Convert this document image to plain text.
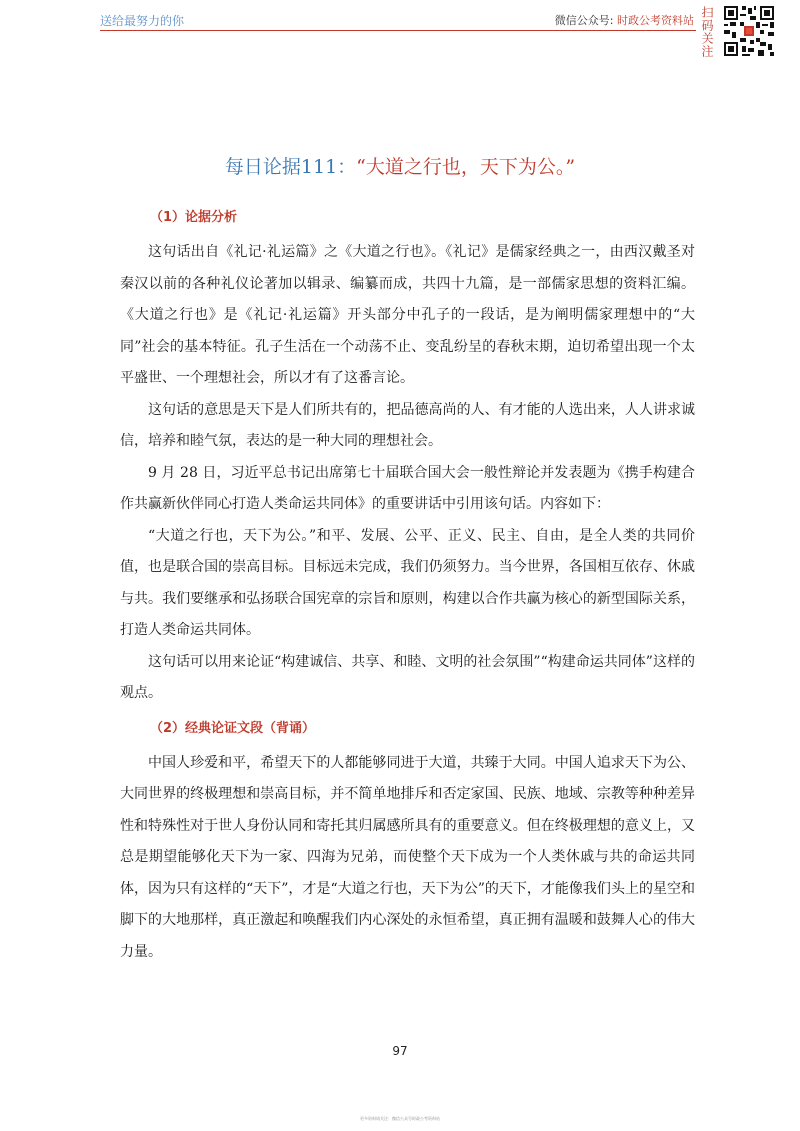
送给最努力的你	微信公众号: 时政公考资料站 扫码关注
每日论据111：“大道之行也，天下为公。”
（1）论据分析

这句话出自《礼记·礼运篇》之《大道之行也》。《礼记》是儒家经典之一，由西汉戴圣对秦汉以前的各种礼仪论著加以辑录、编纂而成，共四十九篇，是一部儒家思想的资料汇编。《大道之行也》是《礼记·礼运篇》开头部分中孔子的一段话，是为阐明儒家理想中的“大同”社会的基本特征。孔子生活在一个动荡不止、变乱纷呈的春秋末期，迫切希望出现一个太平盛世、一个理想社会，所以才有了这番言论。

这句话的意思是天下是人们所共有的，把品德高尚的人、有才能的人选出来，人人讲求诚信，培养和睦气氛，表达的是一种大同的理想社会。

9 月 28 日，习近平总书记出席第七十届联合国大会一般性辩论并发表题为《携手构建合作共赢新伙伴同心打造人类命运共同体》的重要讲话中引用该句话。内容如下：

“大道之行也，天下为公。”和平、发展、公平、正义、民主、自由，是全人类的共同价值，也是联合国的崇高目标。目标远未完成，我们仍须努力。当今世界，各国相互依存、休戚与共。我们要继承和弘扬联合国宪章的宗旨和原则，构建以合作共赢为核心的新型国际关系，打造人类命运共同体。

这句话可以用来论证“构建诚信、共享、和睦、文明的社会氛围”“构建命运共同体”这样的观点。

（2）经典论证文段（背诵）

中国人珍爱和平，希望天下的人都能够同进于大道，共臻于大同。中国人追求天下为公、大同世界的终极理想和崇高目标，并不简单地排斥和否定家国、民族、地域、宗教等种种差异性和特殊性对于世人身份认同和寄托其归属感所具有的重要意义。但在终极理想的意义上，又总是期望能够化天下为一家、四海为兄弟，而使整个天下成为一个人类休戚与共的命运共同体，因为只有这样的“天下”，才是“大道之行也，天下为公”的天下，才能像我们头上的星空和脚下的大地那样，真正激起和唤醒我们内心深处的永恒希望，真正拥有温暖和鼓舞人心的伟大力量。

97
更多资料请关注：微信公众号时政公考资料站
